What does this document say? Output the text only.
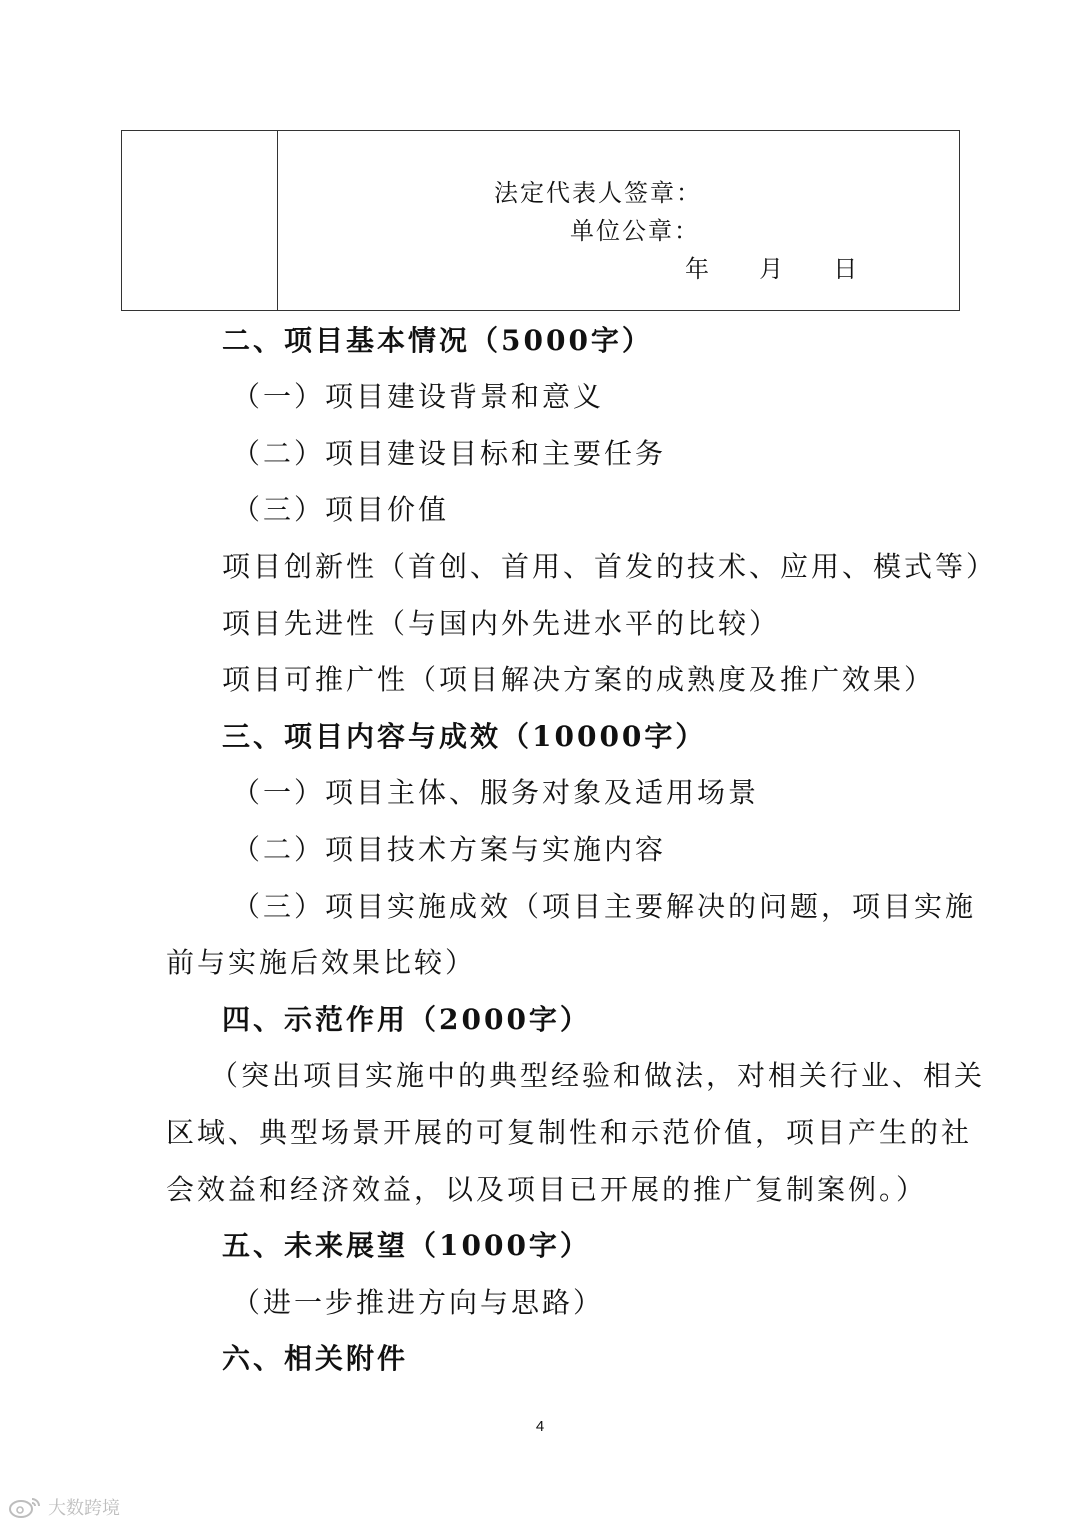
法定代表人签章：
单位公章：
年     月     日
二、项目基本情况（5000字）
（一）项目建设背景和意义
（二）项目建设目标和主要任务
（三）项目价值
项目创新性（首创、首用、首发的技术、应用、模式等）
项目先进性（与国内外先进水平的比较）
项目可推广性（项目解决方案的成熟度及推广效果）
三、项目内容与成效（10000字）
（一）项目主体、服务对象及适用场景
（二）项目技术方案与实施内容
（三）项目实施成效（项目主要解决的问题，项目实施
前与实施后效果比较）
四、示范作用（2000字）
（突出项目实施中的典型经验和做法，对相关行业、相关
区域、典型场景开展的可复制性和示范价值，项目产生的社
会效益和经济效益，以及项目已开展的推广复制案例。）
五、未来展望（1000字）
（进一步推进方向与思路）
六、相关附件
4
大数跨境
